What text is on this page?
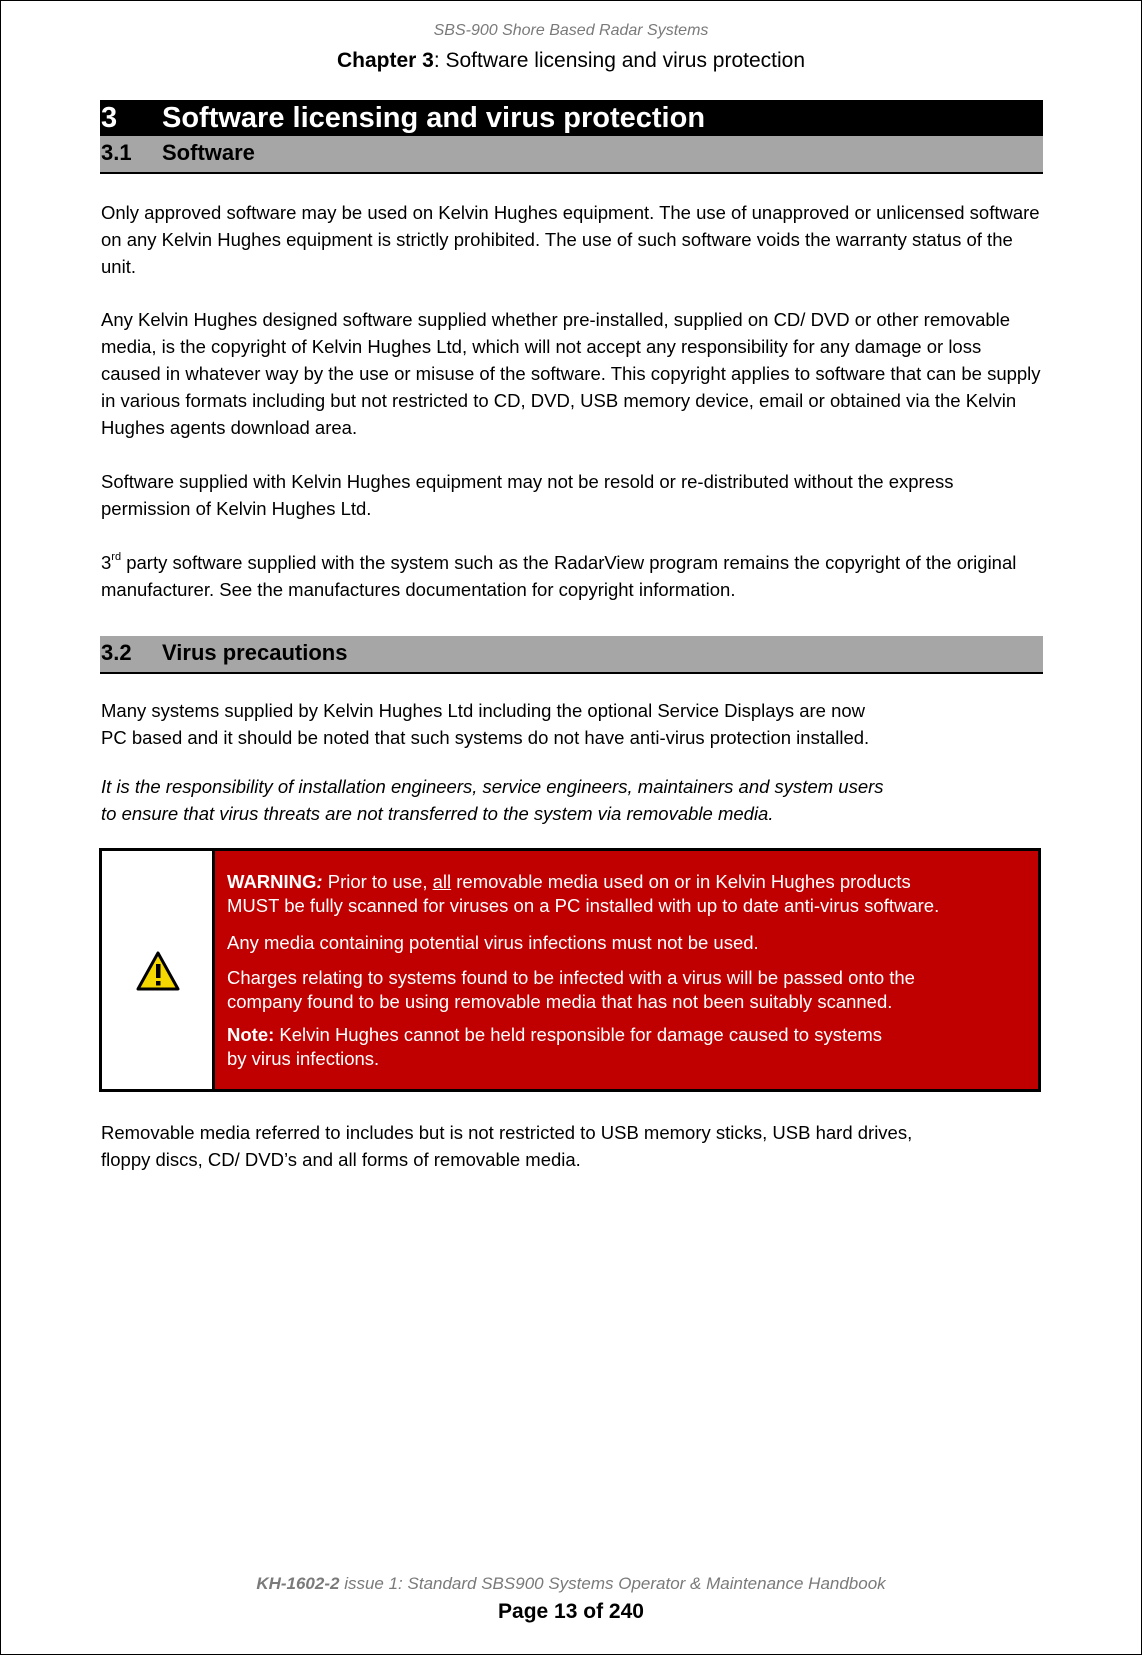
SBS-900 Shore Based Radar Systems
Chapter 3: Software licensing and virus protection
3 Software licensing and virus protection
3.1 Software
Only approved software may be used on Kelvin Hughes equipment. The use of unapproved or unlicensed software on any Kelvin Hughes equipment is strictly prohibited. The use of such software voids the warranty status of the unit.
Any Kelvin Hughes designed software supplied whether pre-installed, supplied on CD/ DVD or other removable media, is the copyright of Kelvin Hughes Ltd, which will not accept any responsibility for any damage or loss caused in whatever way by the use or misuse of the software. This copyright applies to software that can be supply in various formats including but not restricted to CD, DVD, USB memory device, email or obtained via the Kelvin Hughes agents download area.
Software supplied with Kelvin Hughes equipment may not be resold or re-distributed without the express permission of Kelvin Hughes Ltd.
3rd party software supplied with the system such as the RadarView program remains the copyright of the original manufacturer. See the manufactures documentation for copyright information.
3.2 Virus precautions
Many systems supplied by Kelvin Hughes Ltd including the optional Service Displays are now
PC based and it should be noted that such systems do not have anti-virus protection installed.
It is the responsibility of installation engineers, service engineers, maintainers and system users
to ensure that virus threats are not transferred to the system via removable media.
WARNING: Prior to use, all removable media used on or in Kelvin Hughes products
MUST be fully scanned for viruses on a PC installed with up to date anti-virus software.
Any media containing potential virus infections must not be used.
Charges relating to systems found to be infected with a virus will be passed onto the
company found to be using removable media that has not been suitably scanned.
Note: Kelvin Hughes cannot be held responsible for damage caused to systems
by virus infections.
Removable media referred to includes but is not restricted to USB memory sticks, USB hard drives,
floppy discs, CD/ DVD’s and all forms of removable media.
KH-1602-2 issue 1: Standard SBS900 Systems Operator & Maintenance Handbook
Page 13 of 240
